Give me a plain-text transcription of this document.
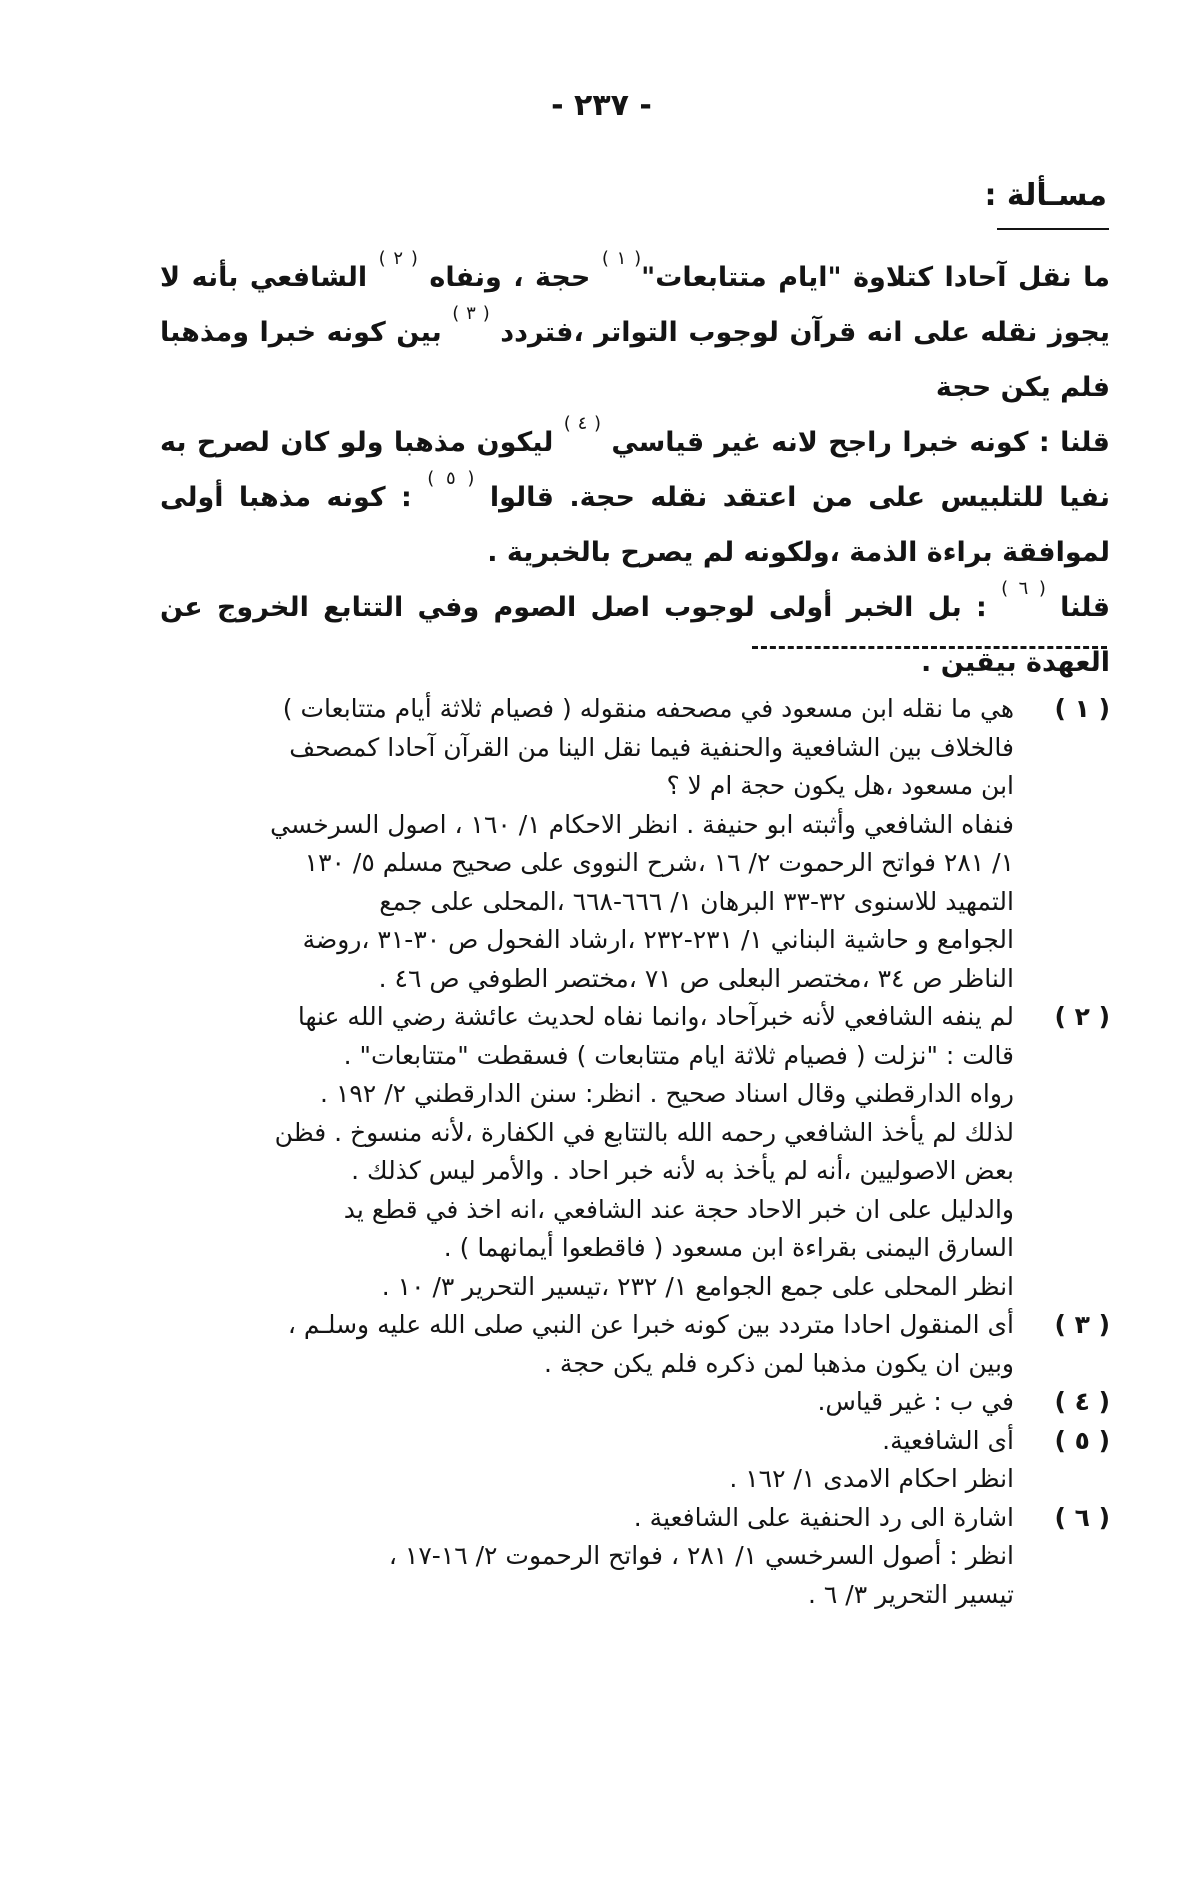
- ٢٣٧ -
مسـألة :

ما نقل آحادا كتلاوة "ايام متتابعات"$^{( ١ )}$ حجة ، ونفاه $^{( ٢ )}$ الشافعي بأنه لا يجوز نقله على انه قرآن لوجوب التواتر ،فتردد $^{( ٣ )}$ بين كونه خبرا ومذهبا فلم يكن حجة

قلنا : كونه خبرا راجح لانه غير قياسي $^{( ٤ )}$ ليكون مذهبا ولو كان لصرح به نفيا للتلبيس على من اعتقد نقله حجة. قالوا $^{( ٥ )}$ : كونه مذهبا أولى لموافقة براءة الذمة ،ولكونه لم يصرح بالخبرية .

قلنا $^{( ٦ )}$ : بل الخبر أولى لوجوب اصل الصوم وفي التتابع الخروج عن العهدة بيقين .

( ١ )
هي ما نقله ابن مسعود في مصحفه منقوله ( فصيام ثلاثة أيام متتابعات )
فالخلاف بين الشافعية والحنفية فيما نقل الينا من القرآن آحادا كمصحف
ابن مسعود ،هل يكون حجة ام لا ؟
فنفاه الشافعي وأثبته ابو حنيفة . انظر الاحكام ١/ ١٦٠ ، اصول السرخسي
١/ ٢٨١ فواتح الرحموت ٢/ ١٦ ،شرح النووى على صحيح مسلم ٥/ ١٣٠
التمهيد للاسنوى ٣٢-٣٣ البرهان ١/ ٦٦٦-٦٦٨ ،المحلى على جمع
الجوامع و حاشية البناني ١/ ٢٣١-٢٣٢ ،ارشاد الفحول ص ٣٠-٣١ ،روضة
الناظر ص ٣٤ ،مختصر البعلى ص ٧١ ،مختصر الطوفي ص ٤٦ .
( ٢ )
لم ينفه الشافعي لأنه خبرآحاد ،وانما نفاه لحديث عائشة رضي الله عنها
قالت : "نزلت ( فصيام ثلاثة ايام متتابعات ) فسقطت "متتابعات" .
رواه الدارقطني وقال اسناد صحيح . انظر: سنن الدارقطني ٢/ ١٩٢ .
لذلك لم يأخذ الشافعي رحمه الله بالتتابع في الكفارة ،لأنه منسوخ . فظن
بعض الاصوليين ،أنه لم يأخذ به لأنه خبر احاد . والأمر ليس كذلك .
والدليل على ان خبر الاحاد حجة عند الشافعي ،انه اخذ في قطع يد
السارق اليمنى بقراءة ابن مسعود ( فاقطعوا أيمانهما ) .
انظر المحلى على جمع الجوامع ١/ ٢٣٢ ،تيسير التحرير ٣/ ١٠ .
( ٣ )
أى المنقول احادا متردد بين كونه خبرا عن النبي صلى الله عليه وسلـم ،
وبين ان يكون مذهبا لمن ذكره فلم يكن حجة .
( ٤ )
في ب : غير قياس.
( ٥ )
أى الشافعية.
انظر احكام الامدى ١/ ١٦٢ .
( ٦ )
اشارة الى رد الحنفية على الشافعية .
انظر : أصول السرخسي ١/ ٢٨١ ، فواتح الرحموت ٢/ ١٦-١٧ ،
تيسير التحرير ٣/ ٦ .
